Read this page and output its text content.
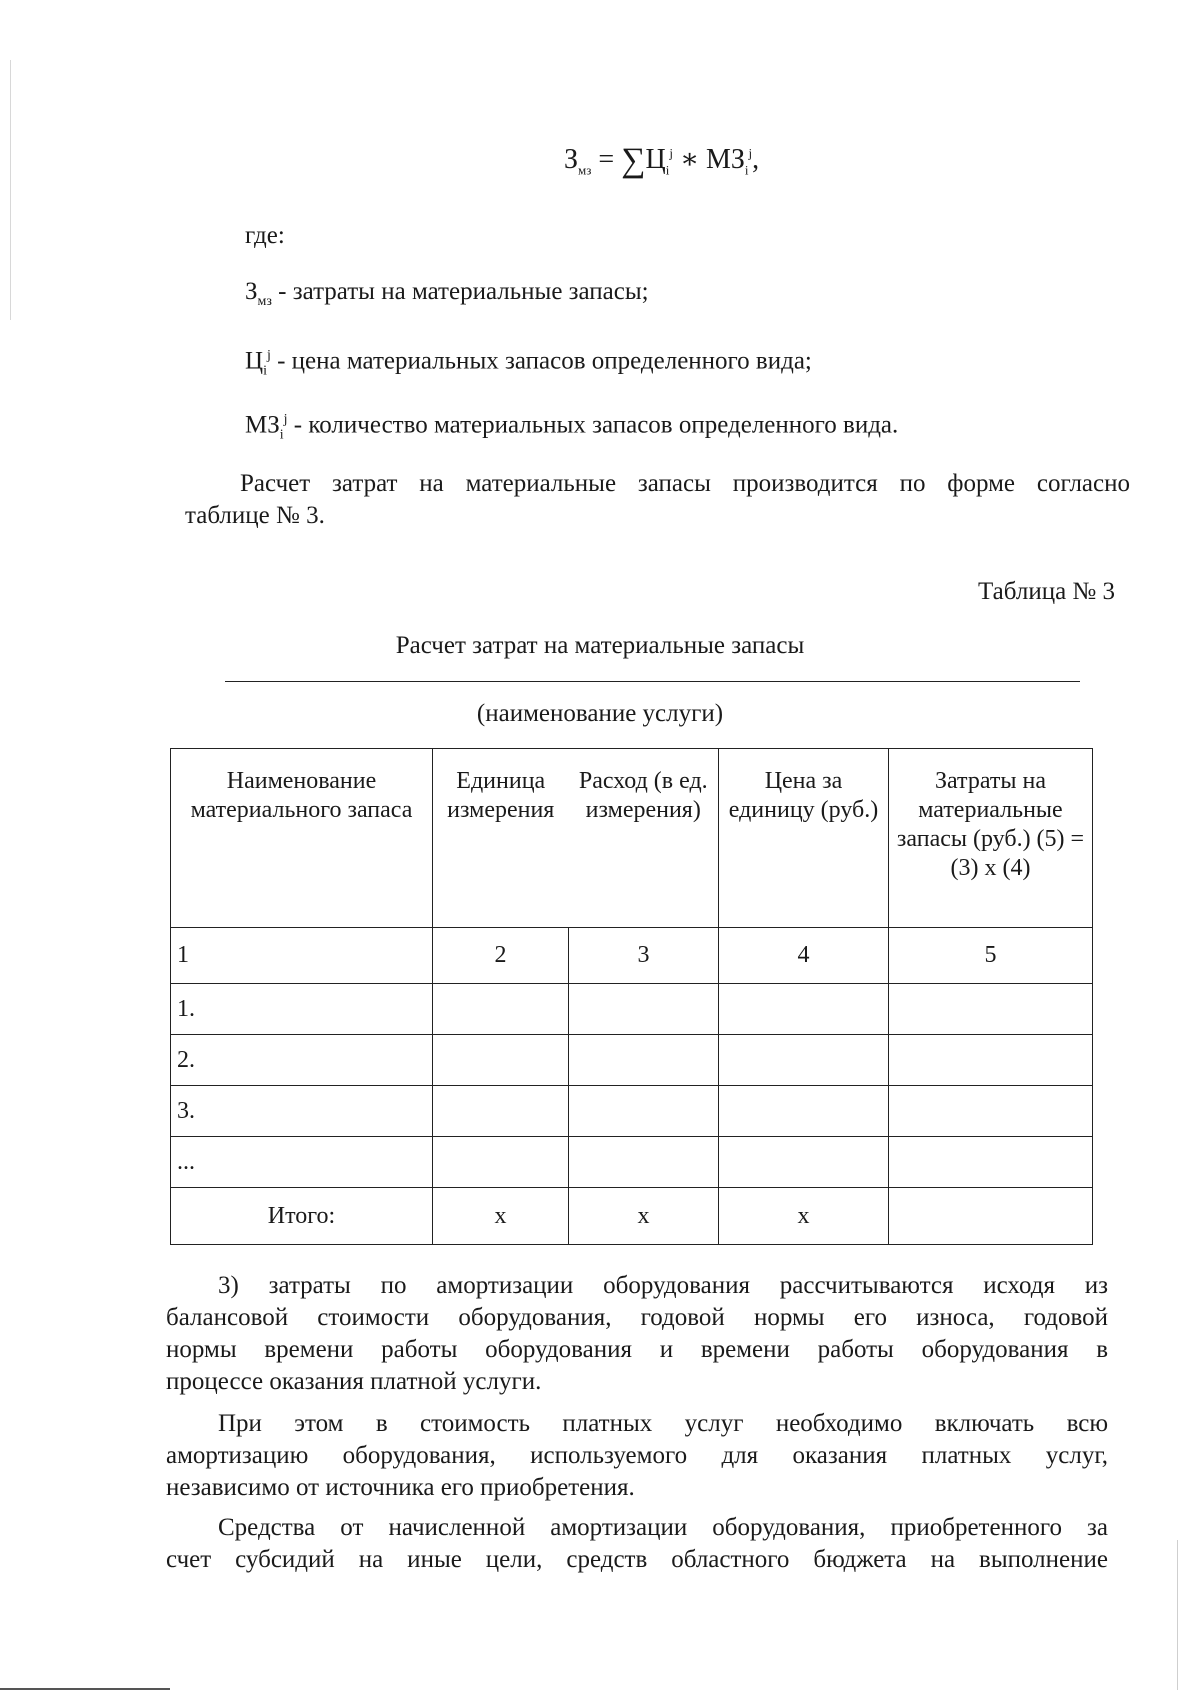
$З_{мз} = \sum Ц_i^j$ ∗ $МЗ_i^j$,
где:
$З_{мз}$ - затраты на материальные запасы;
$Ц_i^j$ - цена материальных запасов определенного вида;
$МЗ_i^j$ - количество материальных запасов определенного вида.
Расчет затрат на материальные запасы производится по форме согласно
таблице № 3.
Таблица № 3
Расчет затрат на материальные запасы
(наименование услуги)
Наименование материального запаса	Единица измерения	Расход (в ед. измерения)	Цена за единицу (руб.)	Затраты на материальные запасы (руб.) (5) = (3) х (4)
1	2	3	4	5
1.				
2.				
3.				
...				
Итого:	х	х	х	
3) затраты по амортизации оборудования рассчитываются исходя из
балансовой стоимости оборудования, годовой нормы его износа, годовой
нормы времени работы оборудования и времени работы оборудования в
процессе оказания платной услуги.
При этом в стоимость платных услуг необходимо включать всю
амортизацию оборудования, используемого для оказания платных услуг,
независимо от источника его приобретения.
Средства от начисленной амортизации оборудования, приобретенного за
счет субсидий на иные цели, средств областного бюджета на выполнение
